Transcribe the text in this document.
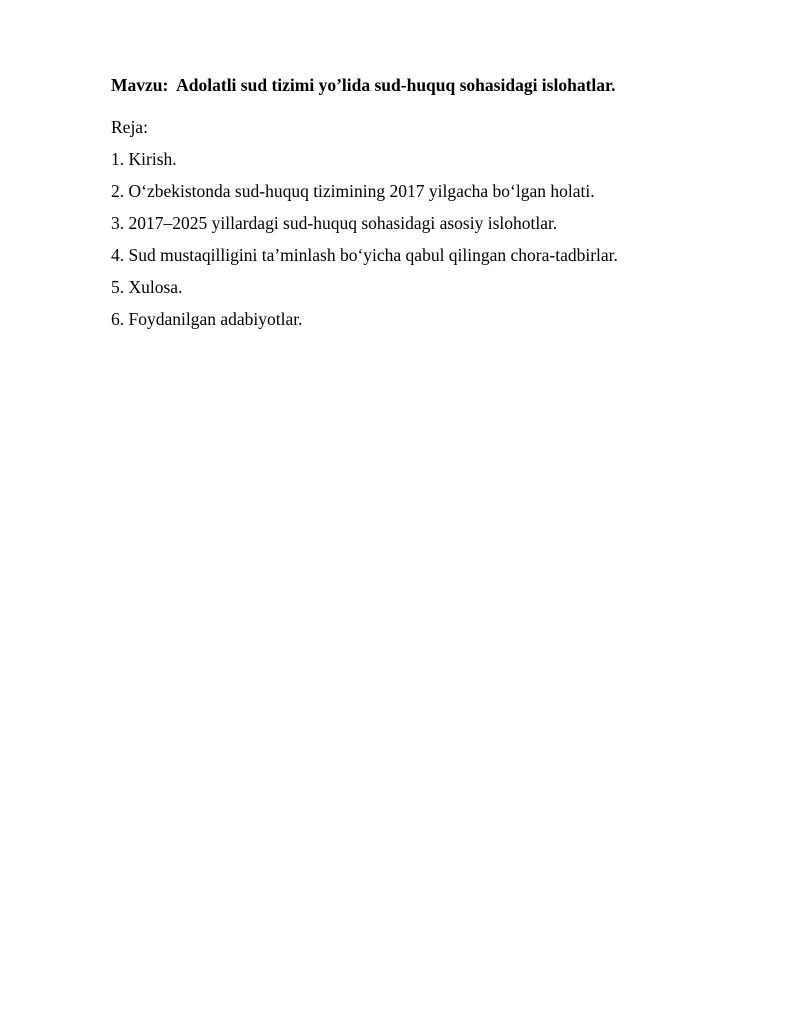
Mavzu:  Adolatli sud tizimi yo’lida sud-huquq sohasidagi islohatlar.
Reja:
1. Kirish.
2. O‘zbekistonda sud-huquq tizimining 2017 yilgacha bo‘lgan holati.
3. 2017–2025 yillardagi sud-huquq sohasidagi asosiy islohotlar.
4. Sud mustaqilligini ta’minlash bo‘yicha qabul qilingan chora-tadbirlar.
5. Xulosa.
6. Foydanilgan adabiyotlar.
